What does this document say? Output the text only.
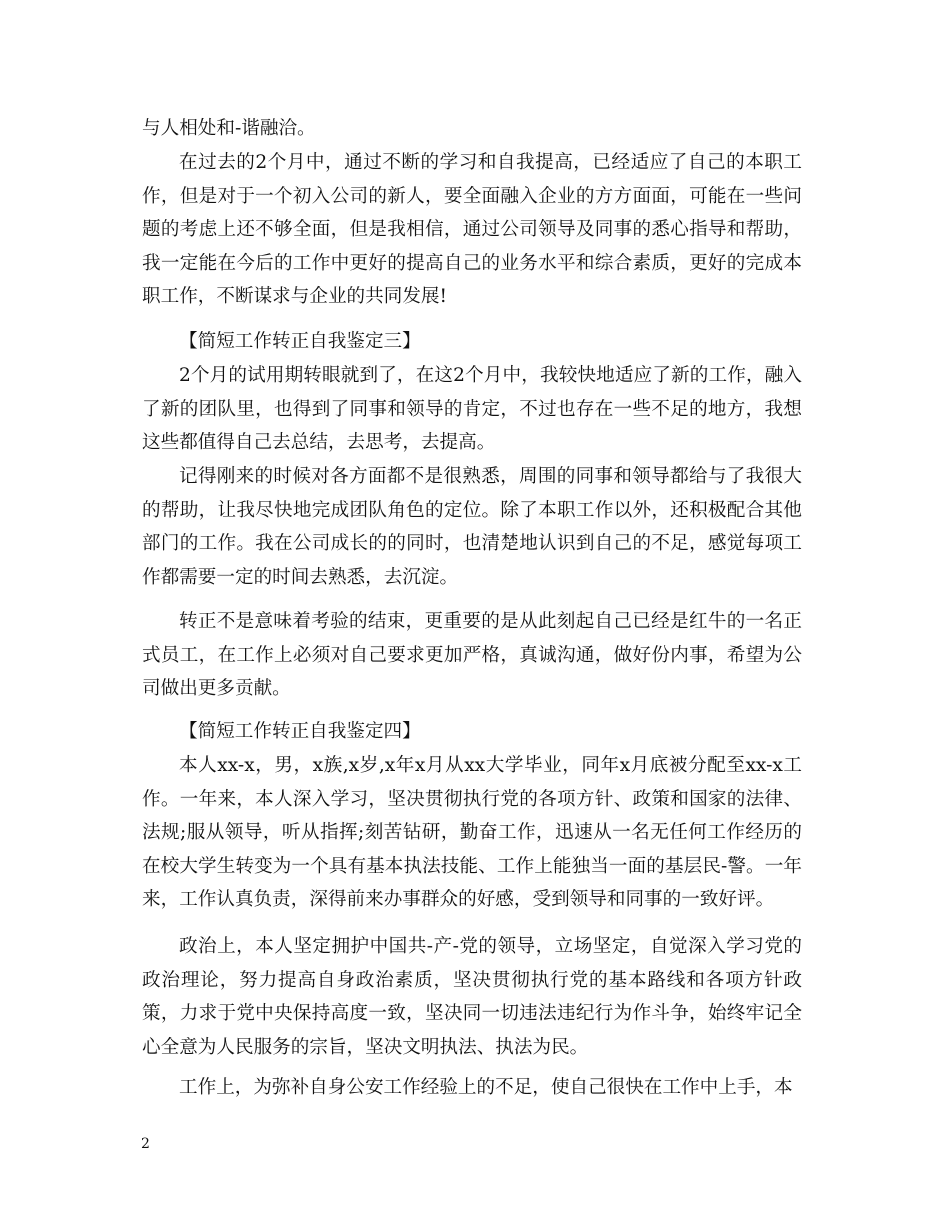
与人相处和-谐融洽。

在过去的2个月中，通过不断的学习和自我提高，已经适应了自己的本职工作，但是对于一个初入公司的新人，要全面融入企业的方方面面，可能在一些问题的考虑上还不够全面，但是我相信，通过公司领导及同事的悉心指导和帮助，我一定能在今后的工作中更好的提高自己的业务水平和综合素质，更好的完成本职工作，不断谋求与企业的共同发展!

【简短工作转正自我鉴定三】

2个月的试用期转眼就到了，在这2个月中，我较快地适应了新的工作，融入了新的团队里，也得到了同事和领导的肯定，不过也存在一些不足的地方，我想这些都值得自己去总结，去思考，去提高。

记得刚来的时候对各方面都不是很熟悉，周围的同事和领导都给与了我很大的帮助，让我尽快地完成团队角色的定位。除了本职工作以外，还积极配合其他部门的工作。我在公司成长的的同时，也清楚地认识到自己的不足，感觉每项工作都需要一定的时间去熟悉，去沉淀。

转正不是意味着考验的结束，更重要的是从此刻起自己已经是红牛的一名正式员工，在工作上必须对自己要求更加严格，真诚沟通，做好份内事，希望为公司做出更多贡献。

【简短工作转正自我鉴定四】

本人xx-x，男，x族,x岁,x年x月从xx大学毕业，同年x月底被分配至xx-x工作。一年来，本人深入学习，坚决贯彻执行党的各项方针、政策和国家的法律、法规;服从领导，听从指挥;刻苦钻研，勤奋工作，迅速从一名无任何工作经历的在校大学生转变为一个具有基本执法技能、工作上能独当一面的基层民-警。一年来，工作认真负责，深得前来办事群众的好感，受到领导和同事的一致好评。

政治上，本人坚定拥护中国共-产-党的领导，立场坚定，自觉深入学习党的政治理论，努力提高自身政治素质，坚决贯彻执行党的基本路线和各项方针政策，力求于党中央保持高度一致，坚决同一切违法违纪行为作斗争，始终牢记全心全意为人民服务的宗旨，坚决文明执法、执法为民。

工作上，为弥补自身公安工作经验上的不足，使自己很快在工作中上手，本

2
